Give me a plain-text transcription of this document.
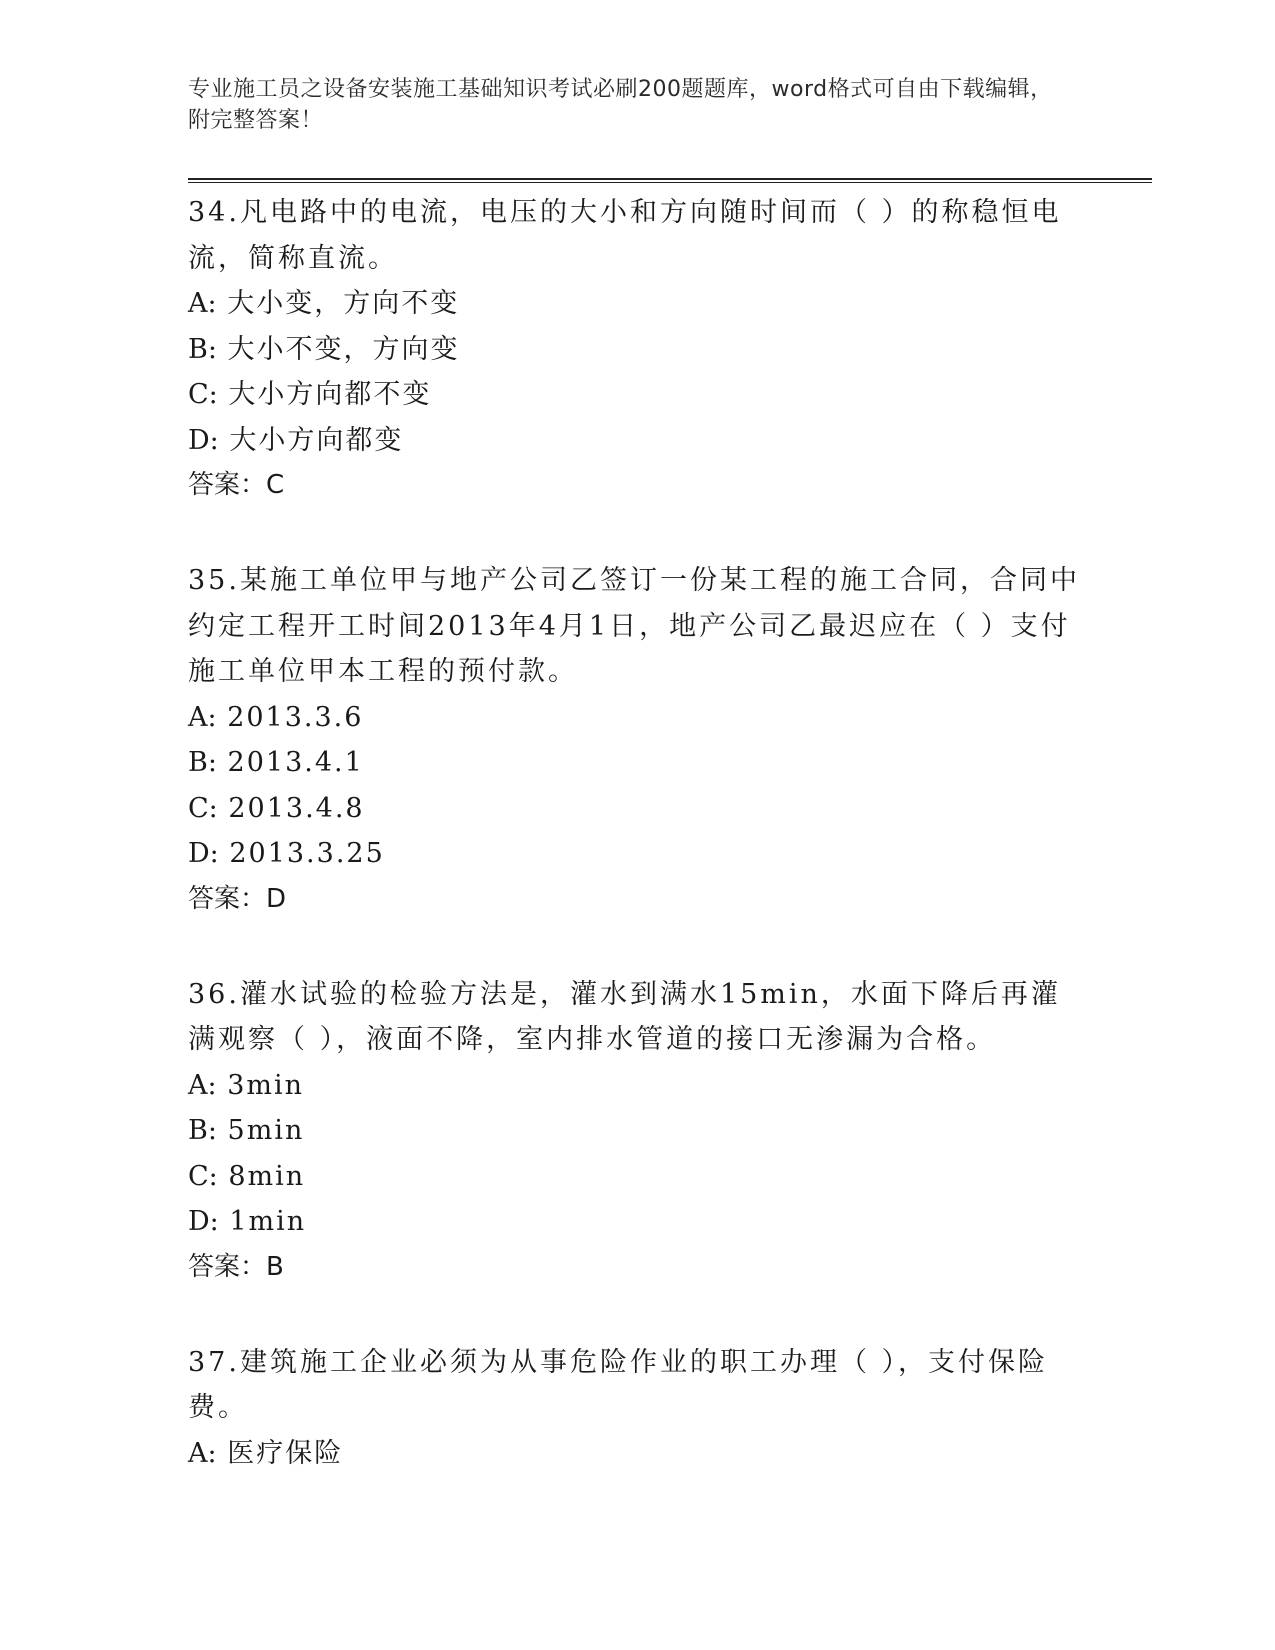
专业施工员之设备安装施工基础知识考试必刷200题题库，word格式可自由下载编辑，附完整答案！

34.凡电路中的电流，电压的大小和方向随时间而（ ）的称稳恒电流，简称直流。

A: 大小变，方向不变

B: 大小不变，方向变

C: 大小方向都不变

D: 大小方向都变

答案：C

35.某施工单位甲与地产公司乙签订一份某工程的施工合同，合同中约定工程开工时间2013年4月1日，地产公司乙最迟应在（ ）支付施工单位甲本工程的预付款。

A: 2013.3.6

B: 2013.4.1

C: 2013.4.8

D: 2013.3.25

答案：D

36.灌水试验的检验方法是，灌水到满水15min，水面下降后再灌满观察（ ），液面不降，室内排水管道的接口无渗漏为合格。

A: 3min

B: 5min

C: 8min

D: 1min

答案：B

37.建筑施工企业必须为从事危险作业的职工办理（ ），支付保险费。

A: 医疗保险
